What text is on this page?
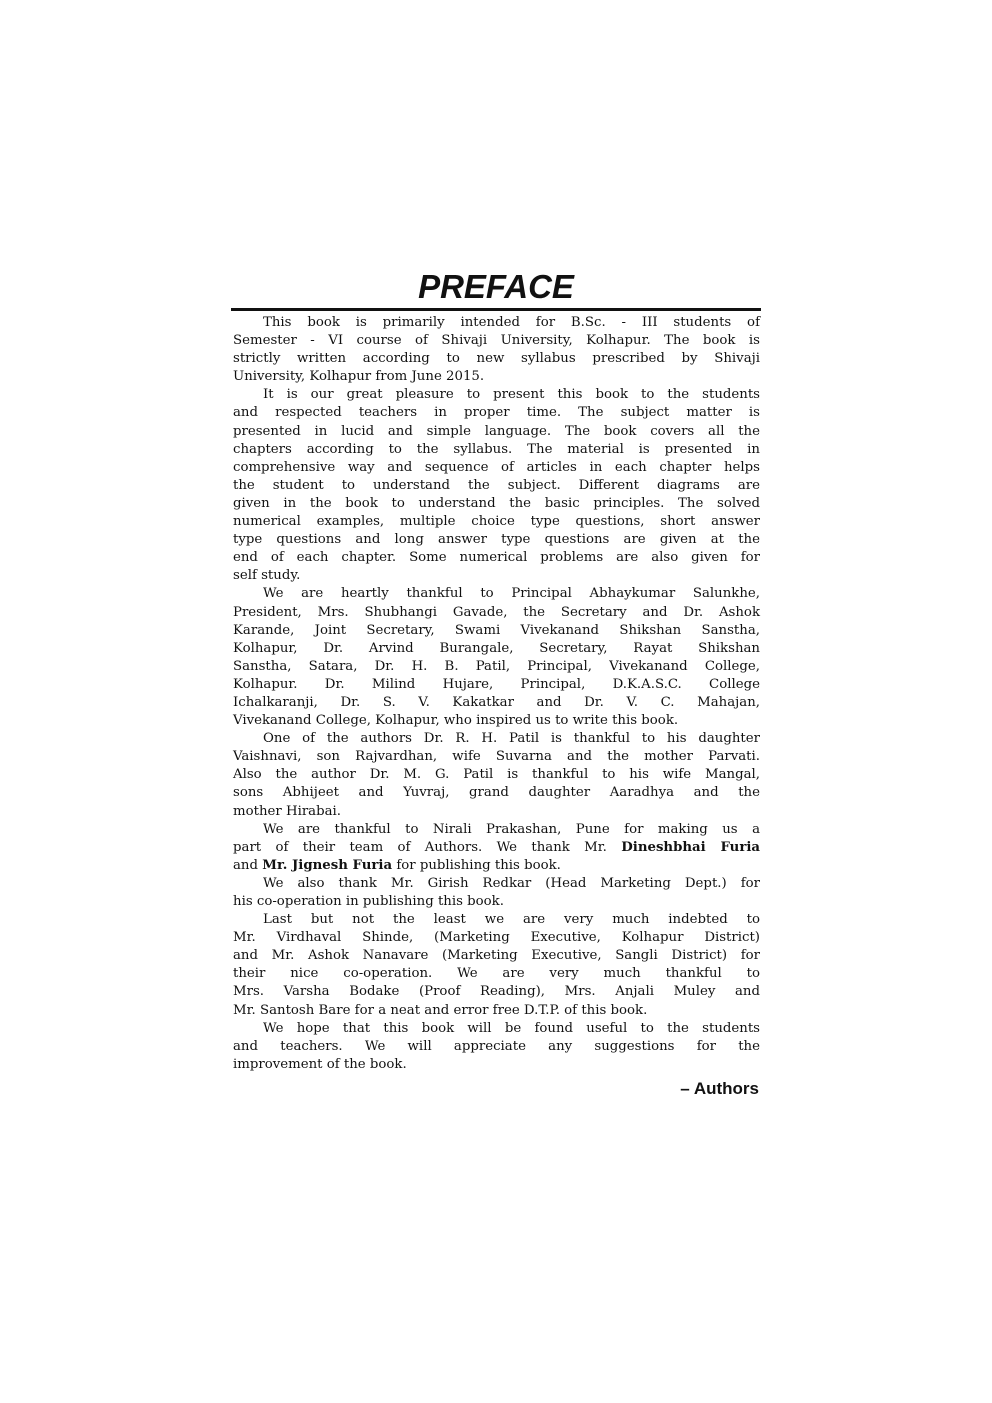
PREFACE
This book is primarily intended for B.Sc. - III students of
Semester - VI course of Shivaji University, Kolhapur. The book is
strictly written according to new syllabus prescribed by Shivaji
University, Kolhapur from June 2015.
It is our great pleasure to present this book to the students
and respected teachers in proper time. The subject matter is
presented in lucid and simple language. The book covers all the
chapters according to the syllabus. The material is presented in
comprehensive way and sequence of articles in each chapter helps
the student to understand the subject. Different diagrams are
given in the book to understand the basic principles. The solved
numerical examples, multiple choice type questions, short answer
type questions and long answer type questions are given at the
end of each chapter. Some numerical problems are also given for
self study.
We are heartly thankful to Principal Abhaykumar Salunkhe,
President, Mrs. Shubhangi Gavade, the Secretary and Dr. Ashok
Karande, Joint Secretary, Swami Vivekanand Shikshan Sanstha,
Kolhapur, Dr. Arvind Burangale, Secretary, Rayat Shikshan
Sanstha, Satara, Dr. H. B. Patil, Principal, Vivekanand College,
Kolhapur. Dr. Milind Hujare, Principal, D.K.A.S.C. College
Ichalkaranji, Dr. S. V. Kakatkar and Dr. V. C. Mahajan,
Vivekanand College, Kolhapur, who inspired us to write this book.
One of the authors Dr. R. H. Patil is thankful to his daughter
Vaishnavi, son Rajvardhan, wife Suvarna and the mother Parvati.
Also the author Dr. M. G. Patil is thankful to his wife Mangal,
sons Abhijeet and Yuvraj, grand daughter Aaradhya and the
mother Hirabai.
We are thankful to Nirali Prakashan, Pune for making us a
part of their team of Authors. We thank Mr. Dineshbhai Furia
and Mr. Jignesh Furia for publishing this book.
We also thank Mr. Girish Redkar (Head Marketing Dept.) for
his co-operation in publishing this book.
Last but not the least we are very much indebted to
Mr. Virdhaval Shinde, (Marketing Executive, Kolhapur District)
and Mr. Ashok Nanavare (Marketing Executive, Sangli District) for
their nice co-operation. We are very much thankful to
Mrs. Varsha Bodake (Proof Reading), Mrs. Anjali Muley and
Mr. Santosh Bare for a neat and error free D.T.P. of this book.
We hope that this book will be found useful to the students
and teachers. We will appreciate any suggestions for the
improvement of the book.
– Authors
